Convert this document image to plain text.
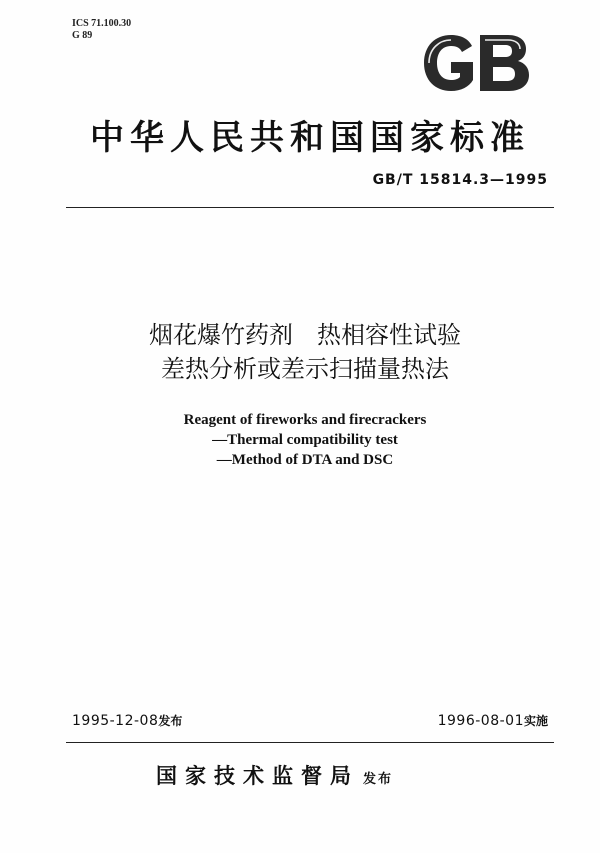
ICS 71.100.30
G 89
中华人民共和国国家标准
GB/T 15814.3—1995
烟花爆竹药剂　热相容性试验
差热分析或差示扫描量热法
Reagent of fireworks and firecrackers
—Thermal compatibility test
—Method of DTA and DSC
1995-12-08发布	1996-08-01实施
国家技术监督局 发布
